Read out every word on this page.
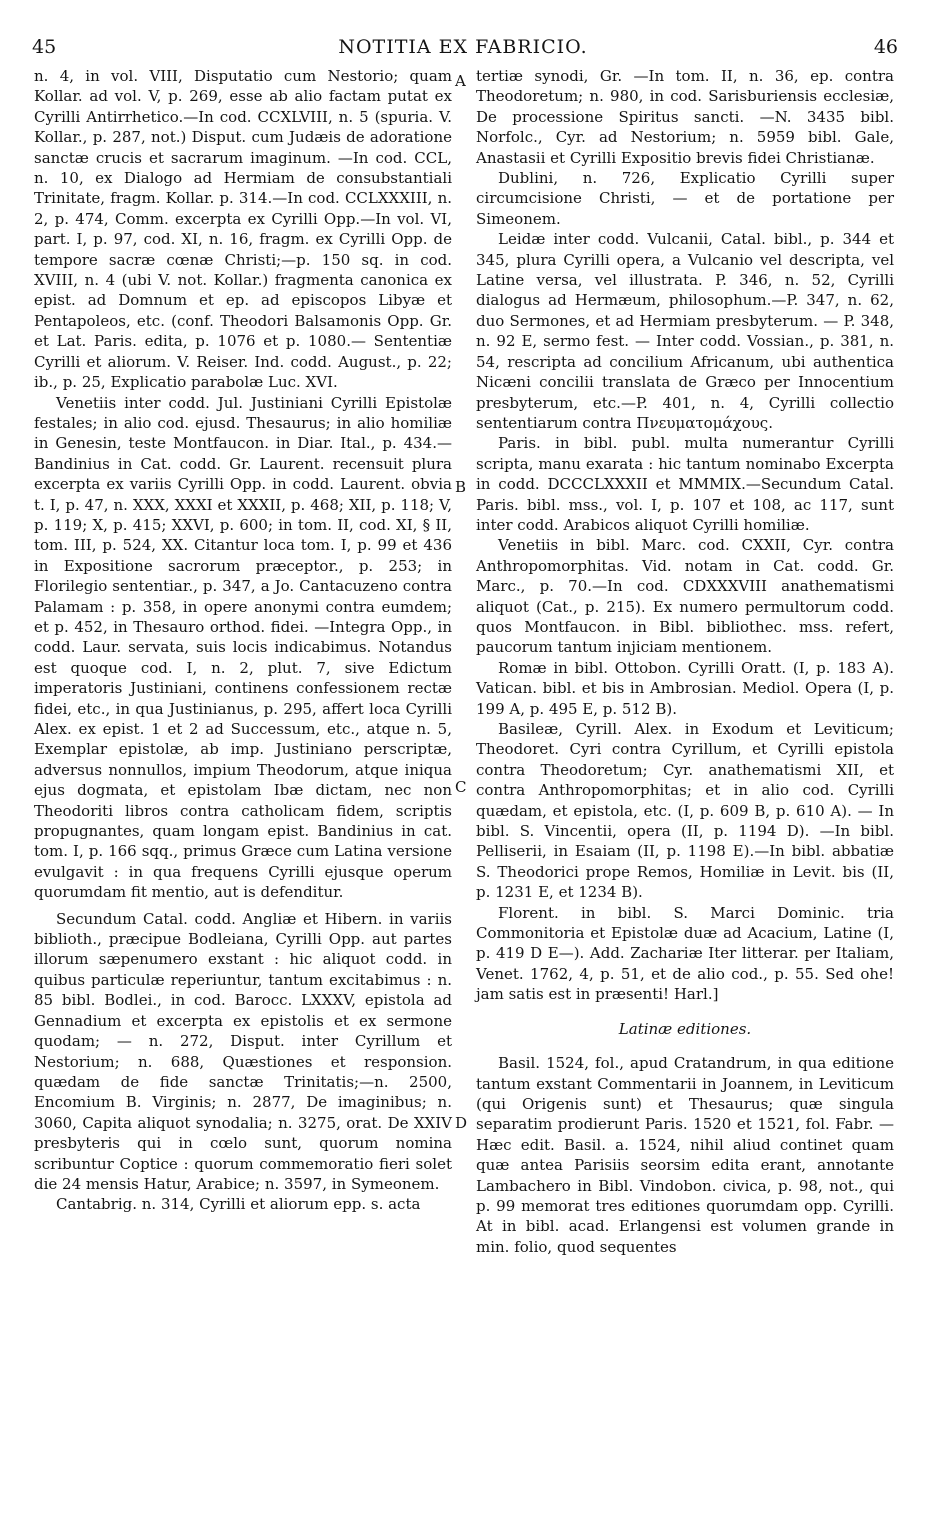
45	NOTITIA EX FABRICIO.	46
A
B
C
D

n. 4, in vol. VIII, Disputatio cum Nestorio; quam Kollar. ad vol. V, p. 269, esse ab alio factam putat ex Cyrilli Antirrhetico.—In cod. CCXLVIII, n. 5 (spuria. V. Kollar., p. 287, not.) Disput. cum Judæis de adoratione sanctæ crucis et sacrarum imaginum. —In cod. CCL, n. 10, ex Dialogo ad Hermiam de consubstantiali Trinitate, fragm. Kollar. p. 314.—In cod. CCLXXXIII, n. 2, p. 474, Comm. excerpta ex Cyrilli Opp.—In vol. VI, part. I, p. 97, cod. XI, n. 16, fragm. ex Cyrilli Opp. de tempore sacræ cœnæ Christi;—p. 150 sq. in cod. XVIII, n. 4 (ubi V. not. Kollar.) fragmenta canonica ex epist. ad Domnum et ep. ad episcopos Libyæ et Pentapoleos, etc. (conf. Theodori Balsamonis Opp. Gr. et Lat. Paris. edita, p. 1076 et p. 1080.— Sententiæ Cyrilli et aliorum. V. Reiser. Ind. codd. August., p. 22; ib., p. 25, Explicatio parabolæ Luc. XVI.

Venetiis inter codd. Jul. Justiniani Cyrilli Epistolæ festales; in alio cod. ejusd. Thesaurus; in alio homiliæ in Genesin, teste Montfaucon. in Diar. Ital., p. 434.—Bandinius in Cat. codd. Gr. Laurent. recensuit plura excerpta ex variis Cyrilli Opp. in codd. Laurent. obvia t. I, p. 47, n. XXX, XXXI et XXXII, p. 468; XII, p. 118; V, p. 119; X, p. 415; XXVI, p. 600; in tom. II, cod. XI, § II, tom. III, p. 524, XX. Citantur loca tom. I, p. 99 et 436 in Expositione sacrorum præceptor., p. 253; in Florilegio sententiar., p. 347, a Jo. Cantacuzeno contra Palamam : p. 358, in opere anonymi contra eumdem; et p. 452, in Thesauro orthod. fidei. —Integra Opp., in codd. Laur. servata, suis locis indicabimus. Notandus est quoque cod. I, n. 2, plut. 7, sive Edictum imperatoris Justiniani, continens confessionem rectæ fidei, etc., in qua Justinianus, p. 295, affert loca Cyrilli Alex. ex epist. 1 et 2 ad Successum, etc., atque n. 5, Exemplar epistolæ, ab imp. Justiniano perscriptæ, adversus nonnullos, impium Theodorum, atque iniqua ejus dogmata, et epistolam Ibæ dictam, nec non Theodoriti libros contra catholicam fidem, scriptis propugnantes, quam longam epist. Bandinius in cat. tom. I, p. 166 sqq., primus Græce cum Latina versione evulgavit : in qua frequens Cyrilli ejusque operum quorumdam fit mentio, aut is defenditur.

Secundum Catal. codd. Angliæ et Hibern. in variis biblioth., præcipue Bodleiana, Cyrilli Opp. aut partes illorum sæpenumero exstant : hic aliquot codd. in quibus particulæ reperiuntur, tantum excitabimus : n. 85 bibl. Bodlei., in cod. Barocc. LXXXV, epistola ad Gennadium et excerpta ex epistolis et ex sermone quodam; — n. 272, Disput. inter Cyrillum et Nestorium; n. 688, Quæstiones et responsion. quædam de fide sanctæ Trinitatis;—n. 2500, Encomium B. Virginis; n. 2877, De imaginibus; n. 3060, Capita aliquot synodalia; n. 3275, orat. De XXIV presbyteris qui in cœlo sunt, quorum nomina scribuntur Coptice : quorum commemoratio fieri solet die 24 mensis Hatur, Arabice; n. 3597, in Symeonem.

Cantabrig. n. 314, Cyrilli et aliorum epp. s. acta

tertiæ synodi, Gr. —In tom. II, n. 36, ep. contra Theodoretum; n. 980, in cod. Sarisburiensis ecclesiæ, De processione Spiritus sancti. —N. 3435 bibl. Norfolc., Cyr. ad Nestorium; n. 5959 bibl. Gale, Anastasii et Cyrilli Expositio brevis fidei Christianæ.

Dublini, n. 726, Explicatio Cyrilli super circumcisione Christi, — et de portatione per Simeonem.

Leidæ inter codd. Vulcanii, Catal. bibl., p. 344 et 345, plura Cyrilli opera, a Vulcanio vel descripta, vel Latine versa, vel illustrata. P. 346, n. 52, Cyrilli dialogus ad Hermæum, philosophum.—P. 347, n. 62, duo Sermones, et ad Hermiam presbyterum. — P. 348, n. 92 E, sermo fest. — Inter codd. Vossian., p. 381, n. 54, rescripta ad concilium Africanum, ubi authentica Nicæni concilii translata de Græco per Innocentium presbyterum, etc.—P. 401, n. 4, Cyrilli collectio sententiarum contra Πνευματομάχους.

Paris. in bibl. publ. multa numerantur Cyrilli scripta, manu exarata : hic tantum nominabo Excerpta in codd. DCCCLXXXII et MMMIX.—Secundum Catal. Paris. bibl. mss., vol. I, p. 107 et 108, ac 117, sunt inter codd. Arabicos aliquot Cyrilli homiliæ.

Venetiis in bibl. Marc. cod. CXXII, Cyr. contra Anthropomorphitas. Vid. notam in Cat. codd. Gr. Marc., p. 70.—In cod. CDXXXVIII anathematismi aliquot (Cat., p. 215). Ex numero permultorum codd. quos Montfaucon. in Bibl. bibliothec. mss. refert, paucorum tantum injiciam mentionem.

Romæ in bibl. Ottobon. Cyrilli Oratt. (I, p. 183 A). Vatican. bibl. et bis in Ambrosian. Mediol. Opera (I, p. 199 A, p. 495 E, p. 512 B).

Basileæ, Cyrill. Alex. in Exodum et Leviticum; Theodoret. Cyri contra Cyrillum, et Cyrilli epistola contra Theodoretum; Cyr. anathematismi XII, et contra Anthropomorphitas; et in alio cod. Cyrilli quædam, et epistola, etc. (I, p. 609 B, p. 610 A). — In bibl. S. Vincentii, opera (II, p. 1194 D). —In bibl. Pelliserii, in Esaiam (II, p. 1198 E).—In bibl. abbatiæ S. Theodorici prope Remos, Homiliæ in Levit. bis (II, p. 1231 E, et 1234 B).

Florent. in bibl. S. Marci Dominic. tria Commonitoria et Epistolæ duæ ad Acacium, Latine (I, p. 419 D E—). Add. Zachariæ Iter litterar. per Italiam, Venet. 1762, 4, p. 51, et de alio cod., p. 55. Sed ohe! jam satis est in præsenti! Harl.]

Latinæ editiones.

Basil. 1524, fol., apud Cratandrum, in qua editione tantum exstant Commentarii in Joannem, in Leviticum (qui Origenis sunt) et Thesaurus; quæ singula separatim prodierunt Paris. 1520 et 1521, fol. Fabr. — Hæc edit. Basil. a. 1524, nihil aliud continet quam quæ antea Parisiis seorsim edita erant, annotante Lambachero in Bibl. Vindobon. civica, p. 98, not., qui p. 99 memorat tres editiones quorumdam opp. Cyrilli. At in bibl. acad. Erlangensi est volumen grande in min. folio, quod sequentes
